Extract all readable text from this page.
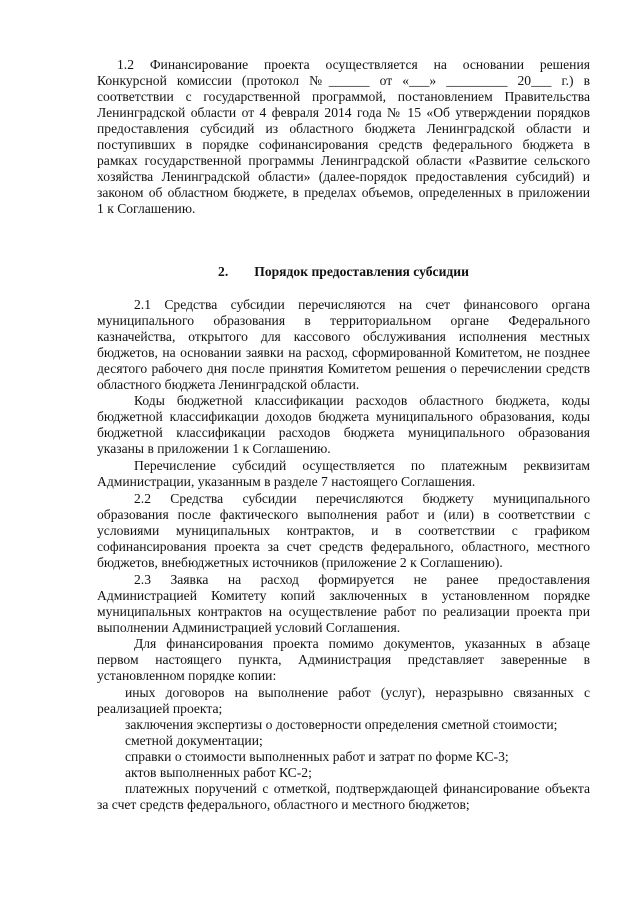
1.2 Финансирование проекта осуществляется на основании решения
Конкурсной комиссии (протокол №______ от «___» _________ 20___ г.) в
соответствии с государственной программой, постановлением Правительства
Ленинградской области от 4 февраля 2014 года № 15 «Об утверждении порядков
предоставления субсидий из областного бюджета Ленинградской области и
поступивших в порядке софинансирования средств федерального бюджета в
рамках государственной программы Ленинградской области «Развитие сельского
хозяйства Ленинградской области» (далее-порядок предоставления субсидий) и
законом об областном бюджете, в пределах объемов, определенных в приложении
1 к Соглашению.
2. Порядок предоставления субсидии
2.1 Средства субсидии перечисляются на счет финансового органа
муниципального образования в территориальном органе Федерального
казначейства, открытого для кассового обслуживания исполнения местных
бюджетов, на основании заявки на расход, сформированной Комитетом, не позднее
десятого рабочего дня после принятия Комитетом решения о перечислении средств
областного бюджета Ленинградской области.
Коды бюджетной классификации расходов областного бюджета, коды
бюджетной классификации доходов бюджета муниципального образования, коды
бюджетной классификации расходов бюджета муниципального образования
указаны в приложении 1 к Соглашению.
Перечисление субсидий осуществляется по платежным реквизитам
Администрации, указанным в разделе 7 настоящего Соглашения.
2.2 Средства субсидии перечисляются бюджету муниципального
образования после фактического выполнения работ и (или) в соответствии с
условиями муниципальных контрактов, и в соответствии с графиком
софинансирования проекта за счет средств федерального, областного, местного
бюджетов, внебюджетных источников (приложение 2 к Соглашению).
2.3 Заявка на расход формируется не ранее предоставления
Администрацией Комитету копий заключенных в установленном порядке
муниципальных контрактов на осуществление работ по реализации проекта при
выполнении Администрацией условий Соглашения.
Для финансирования проекта помимо документов, указанных в абзаце
первом настоящего пункта, Администрация представляет заверенные в
установленном порядке копии:
иных договоров на выполнение работ (услуг), неразрывно связанных с
реализацией проекта;
заключения экспертизы о достоверности определения сметной стоимости;
сметной документации;
справки о стоимости выполненных работ и затрат по форме КС-3;
актов выполненных работ КС-2;
платежных поручений с отметкой, подтверждающей финансирование объекта
за счет средств федерального, областного и местного бюджетов;
